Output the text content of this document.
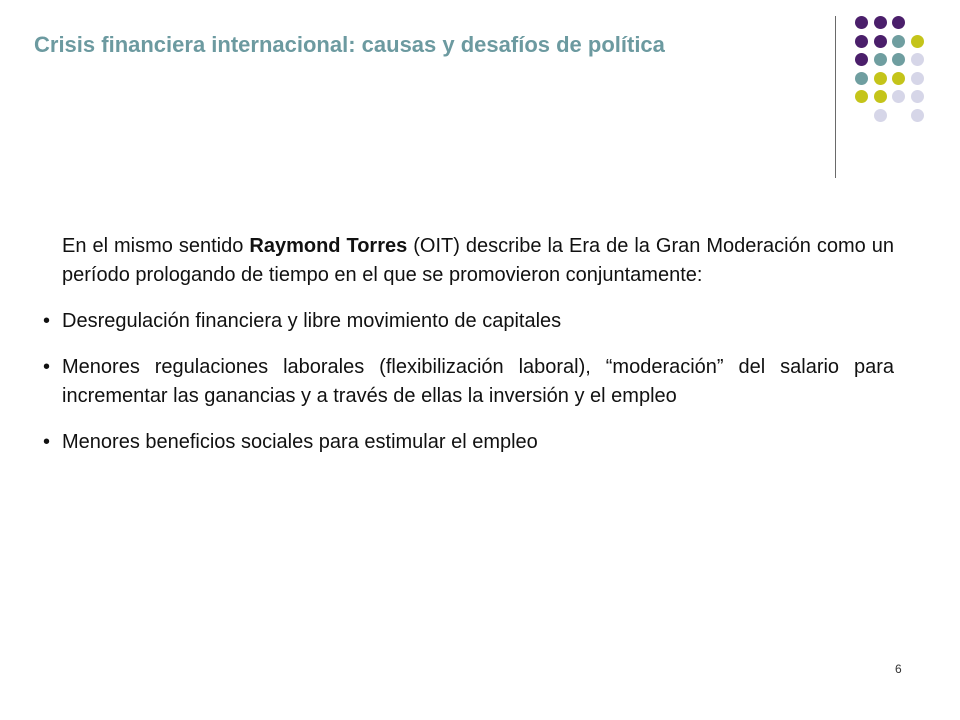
Crisis financiera internacional: causas y desafíos de política

En el mismo sentido Raymond Torres (OIT) describe la Era de la Gran Moderación como un período prologando de tiempo en el que se promovieron conjuntamente:

• Desregulación financiera y libre movimiento de capitales
• Menores regulaciones laborales (flexibilización laboral), “moderación” del salario para incrementar las ganancias y a través de ellas la inversión y el empleo
• Menores beneficios sociales para estimular el empleo
6
